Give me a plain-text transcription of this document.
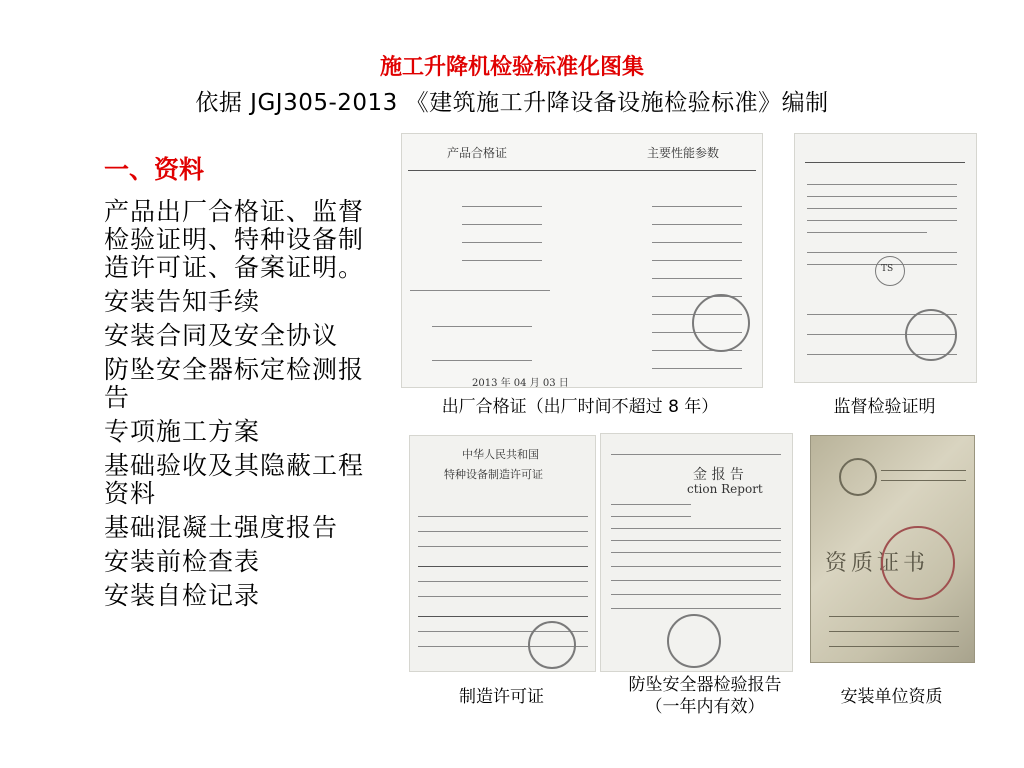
施工升降机检验标准化图集
依据 JGJ305-2013 《建筑施工升降设备设施检验标准》编制
一、资料
产品出厂合格证、监督检验证明、特种设备制造许可证、备案证明。
安装告知手续
安装合同及安全协议
防坠安全器标定检测报告
专项施工方案
基础验收及其隐蔽工程资料
基础混凝土强度报告
安装前检查表
安装自检记录
产品合格证	主要性能参数
2013 年 04 月 03 日
出厂合格证（出厂时间不超过 8 年）
TS
监督检验证明
中华人民共和国
特种设备制造许可证
制造许可证
金 报 告
ction Report
防坠安全器检验报告
（一年内有效）
资质证书
安装单位资质
